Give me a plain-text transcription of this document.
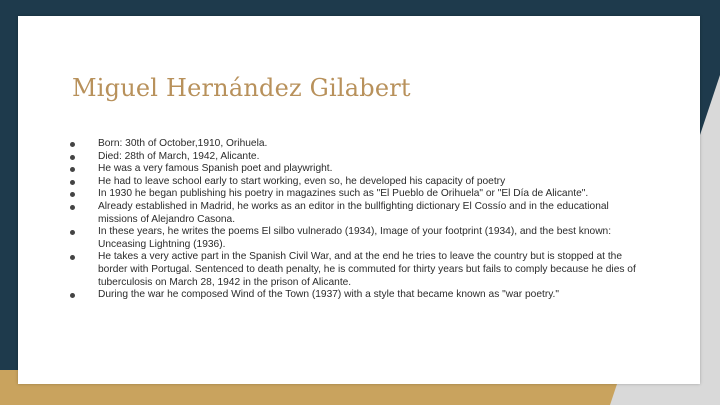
Miguel Hernández Gilabert
Born: 30th of October,1910, Orihuela.
Died: 28th of March, 1942, Alicante.
He was a very famous Spanish poet and playwright.
He had to leave school early to start working, even so, he developed his capacity of poetry
In 1930 he began publishing his poetry in magazines such as "El Pueblo de Orihuela" or "El Día de Alicante".
Already established in Madrid, he works as an editor in the bullfighting dictionary El Cossío and in the educational missions of Alejandro Casona.
In these years, he writes the poems El silbo vulnerado (1934), Image of your footprint (1934), and the best known: Unceasing Lightning (1936).
He takes a very active part in the Spanish Civil War, and at the end he tries to leave the country but is stopped at the border with Portugal. Sentenced to death penalty, he is commuted for thirty years but fails to comply because he dies of tuberculosis on March 28, 1942 in the prison of Alicante.
During the war he composed Wind of the Town (1937) with a style that became known as "war poetry."
